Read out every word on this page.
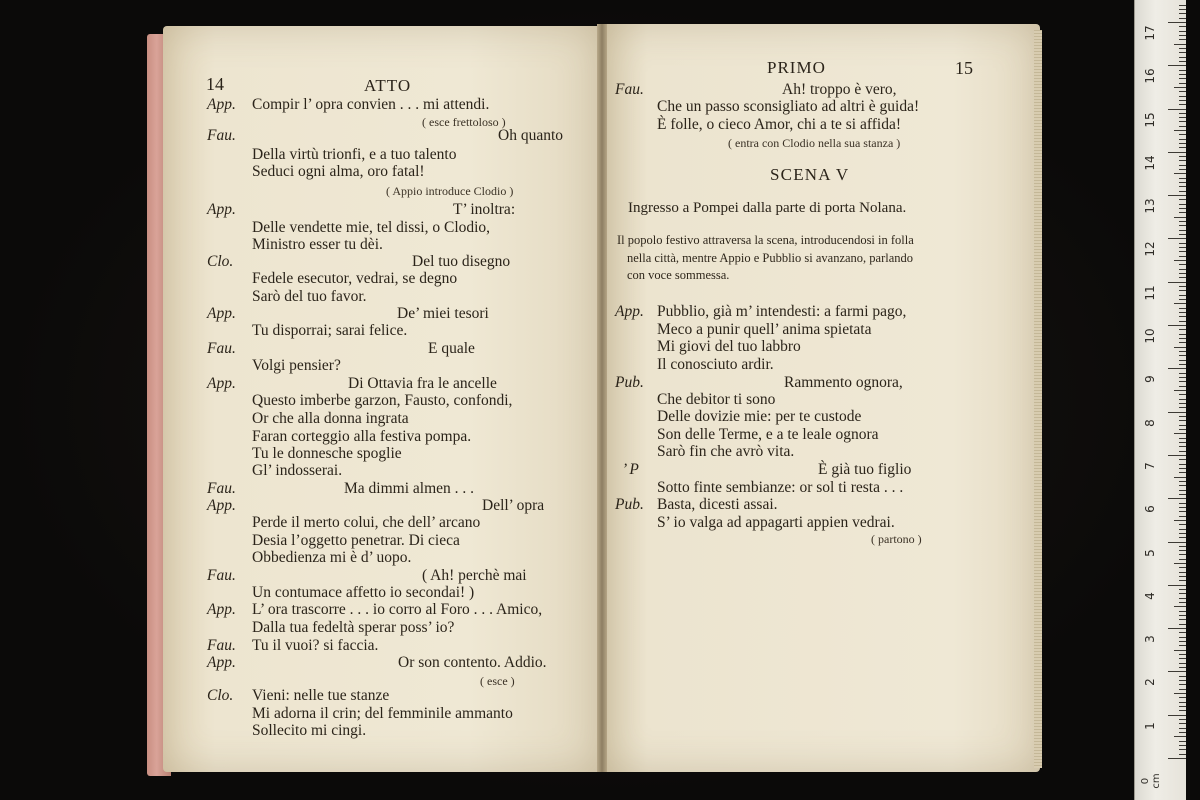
14	ATTO
App. Compir l’ opra convien . . . mi attendi.
( esce frettoloso )
Fau.	Oh quanto
Della virtù trionfi, e a tuo talento
Seduci ogni alma, oro fatal!
( Appio introduce Clodio )
App.	T’ inoltra:
Delle vendette mie, tel dissi, o Clodio,
Ministro esser tu dèi.
Clo.	Del tuo disegno
Fedele esecutor, vedrai, se degno
Sarò del tuo favor.
App.	De’ miei tesori
Tu disporrai; sarai felice.
Fau.	E quale
Volgi pensier?
App.	Di Ottavia fra le ancelle
Questo imberbe garzon, Fausto, confondi,
Or che alla donna ingrata
Faran corteggio alla festiva pompa.
Tu le donnesche spoglie
Gl’ indosserai.
Fau.	Ma dimmi almen . . .
App.	Dell’ opra
Perde il merto colui, che dell’ arcano
Desia l’oggetto penetrar. Di cieca
Obbedienza mi è d’ uopo.
Fau.	( Ah! perchè mai
Un contumace affetto io secondai! )
App. L’ ora trascorre . . . io corro al Foro . . . Amico,
Dalla tua fedeltà sperar poss’ io?
Fau. Tu il vuoi? si faccia.
App.	Or son contento. Addio.
( esce )
Clo. Vieni: nelle tue stanze
Mi adorna il crin; del femminile ammanto
Sollecito mi cingi.
PRIMO	15
Fau.	Ah! troppo è vero,
Che un passo sconsigliato ad altri è guida!
È folle, o cieco Amor, chi a te si affida!
( entra con Clodio nella sua stanza )
SCENA V
Ingresso a Pompei dalla parte di porta Nolana.
Il popolo festivo attraversa la scena, introducendosi in folla
nella città, mentre Appio e Pubblio si avanzano, parlando
con voce sommessa.
App. Pubblio, già m’ intendesti: a farmi pago,
Meco a punir quell’ anima spietata
Mi giovi del tuo labbro
Il conosciuto ardir.
Pub.	Rammento ognora,
Che debitor ti sono
Delle dovizie mie: per te custode
Son delle Terme, e a te leale ognora
Sarò fin che avrò vita.
’ P	È già tuo figlio
Sotto finte sembianze: or sol ti resta . . .
Pub. Basta, dicesti assai.
S’ io valga ad appagarti appien vedrai.
( partono )
17
16
15
14
13
12
11
10
9
8
7
6
5
4
3
2
1
0 cm
